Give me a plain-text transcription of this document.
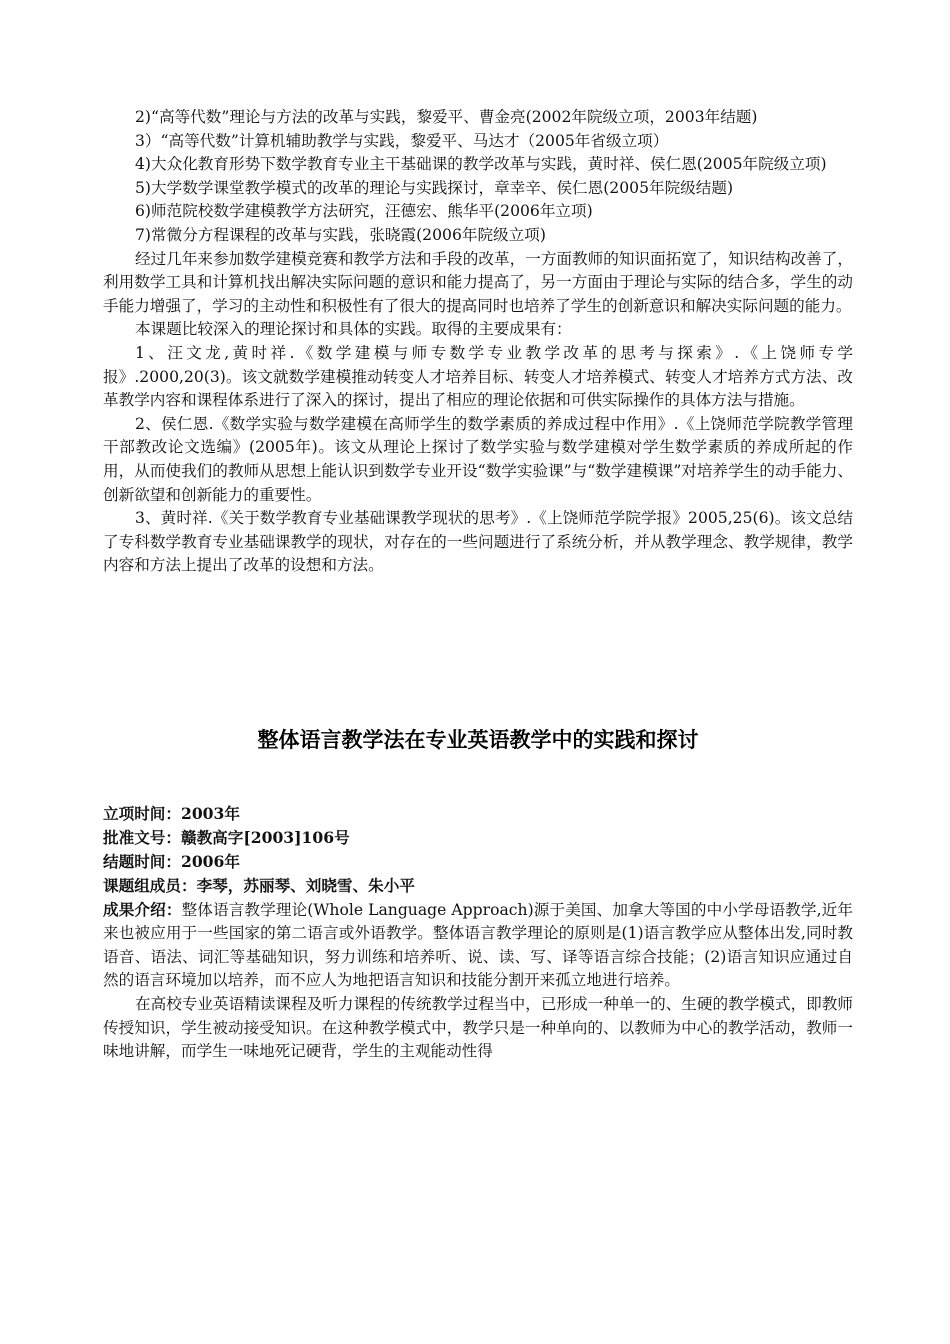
2)“高等代数”理论与方法的改革与实践，黎爱平、曹金亮(2002年院级立项，2003年结题)

3）“高等代数”计算机辅助教学与实践，黎爱平、马达才（2005年省级立项）

4)大众化教育形势下数学教育专业主干基础课的教学改革与实践，黄时祥、侯仁恩(2005年院级立项)

5)大学数学课堂教学模式的改革的理论与实践探讨，章幸辛、侯仁恩(2005年院级结题)

6)师范院校数学建模教学方法研究，汪德宏、熊华平(2006年立项)

7)常微分方程课程的改革与实践，张晓霞(2006年院级立项)

经过几年来参加数学建模竞赛和教学方法和手段的改革，一方面教师的知识面拓宽了，知识结构改善了，利用数学工具和计算机找出解决实际问题的意识和能力提高了，另一方面由于理论与实际的结合多，学生的动手能力增强了，学习的主动性和积极性有了很大的提高同时也培养了学生的创新意识和解决实际问题的能力。

本课题比较深入的理论探讨和具体的实践。取得的主要成果有：

1、汪文龙,黄时祥.《数学建模与师专数学专业教学改革的思考与探索》.《上饶师专学报》.2000,20(3)。该文就数学建模推动转变人才培养目标、转变人才培养模式、转变人才培养方式方法、改革教学内容和课程体系进行了深入的探讨，提出了相应的理论依据和可供实际操作的具体方法与措施。

2、侯仁恩.《数学实验与数学建模在高师学生的数学素质的养成过程中作用》.《上饶师范学院教学管理干部教改论文选编》(2005年)。该文从理论上探讨了数学实验与数学建模对学生数学素质的养成所起的作用，从而使我们的教师从思想上能认识到数学专业开设“数学实验课”与“数学建模课”对培养学生的动手能力、创新欲望和创新能力的重要性。

3、黄时祥.《关于数学教育专业基础课教学现状的思考》.《上饶师范学院学报》2005,25(6)。该文总结了专科数学教育专业基础课教学的现状，对存在的一些问题进行了系统分析，并从教学理念、教学规律，教学内容和方法上提出了改革的设想和方法。

整体语言教学法在专业英语教学中的实践和探讨

立项时间：2003年

批准文号：赣教高字[2003]106号

结题时间：2006年

课题组成员：李琴，苏丽琴、刘晓雪、朱小平

成果介绍：整体语言教学理论(Whole Language Approach)源于美国、加拿大等国的中小学母语教学,近年来也被应用于一些国家的第二语言或外语教学。整体语言教学理论的原则是(1)语言教学应从整体出发,同时教语音、语法、词汇等基础知识，努力训练和培养听、说、读、写、译等语言综合技能；(2)语言知识应通过自然的语言环境加以培养，而不应人为地把语言知识和技能分割开来孤立地进行培养。

在高校专业英语精读课程及听力课程的传统教学过程当中，已形成一种单一的、生硬的教学模式，即教师传授知识，学生被动接受知识。在这种教学模式中，教学只是一种单向的、以教师为中心的教学活动，教师一味地讲解，而学生一味地死记硬背，学生的主观能动性得
